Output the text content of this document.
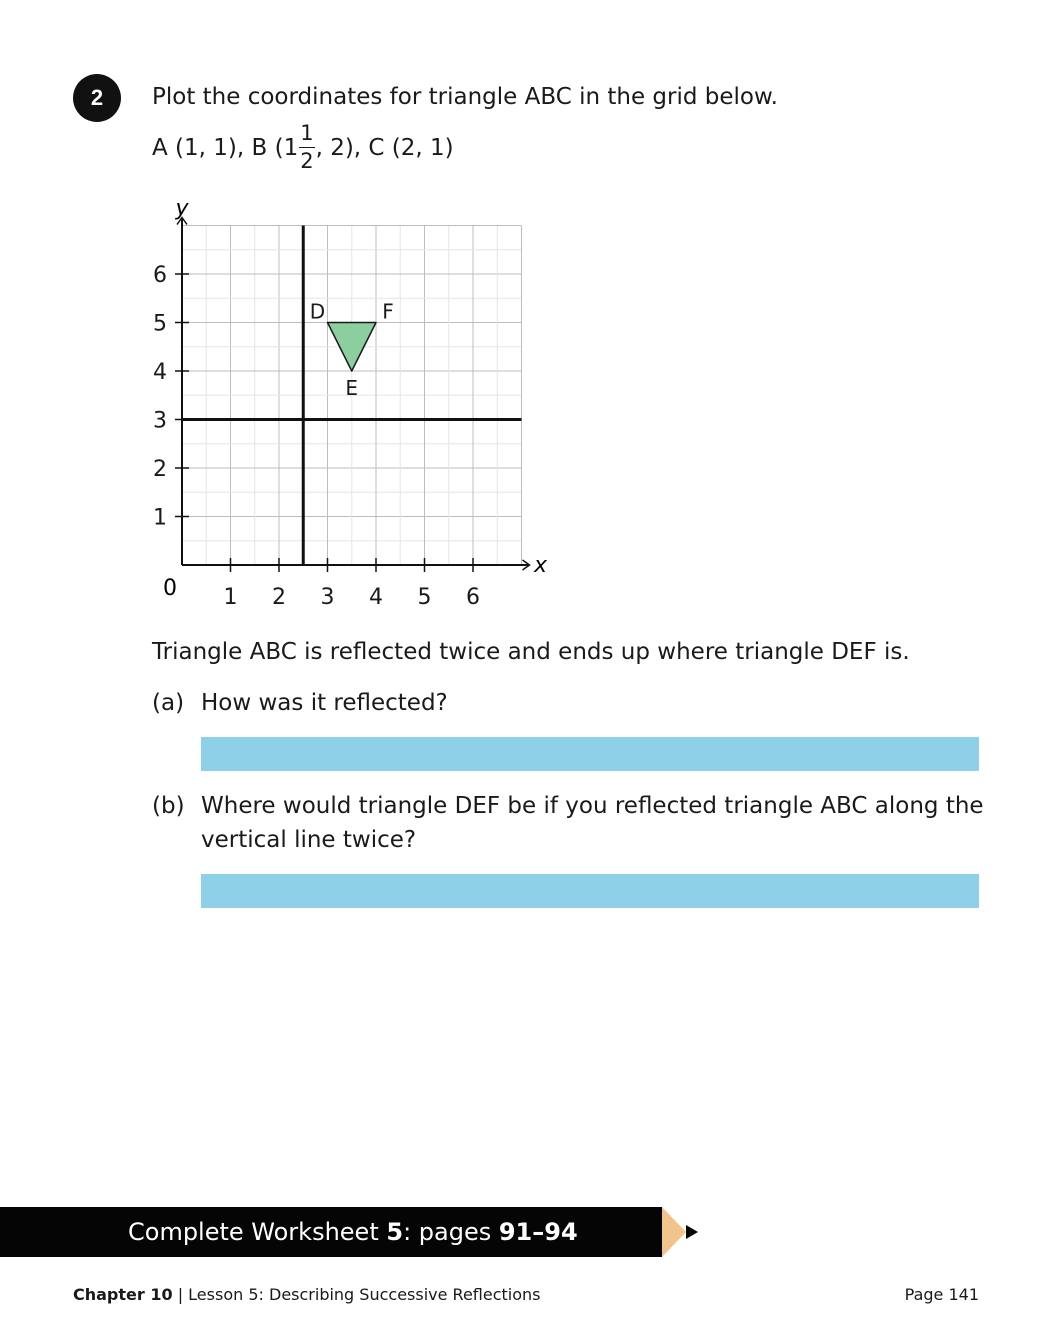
2	Plot the coordinates for triangle ABC in the grid below.
A (1, 1), B ($1 \frac{1}{2}$ , 2), C (2, 1)
1 2 3 4 5 6
1
2
3
4
5
6
D
E
F
y
x
0
Triangle ABC is reflected twice and ends up where triangle DEF is.
(a) How was it reflected?
(b) Where would triangle DEF be if you reflected triangle ABC along the
vertical line twice?
Complete Worksheet 5: pages 91–94
Chapter 10 | Lesson 5: Describing Successive Reflections	Page 141
